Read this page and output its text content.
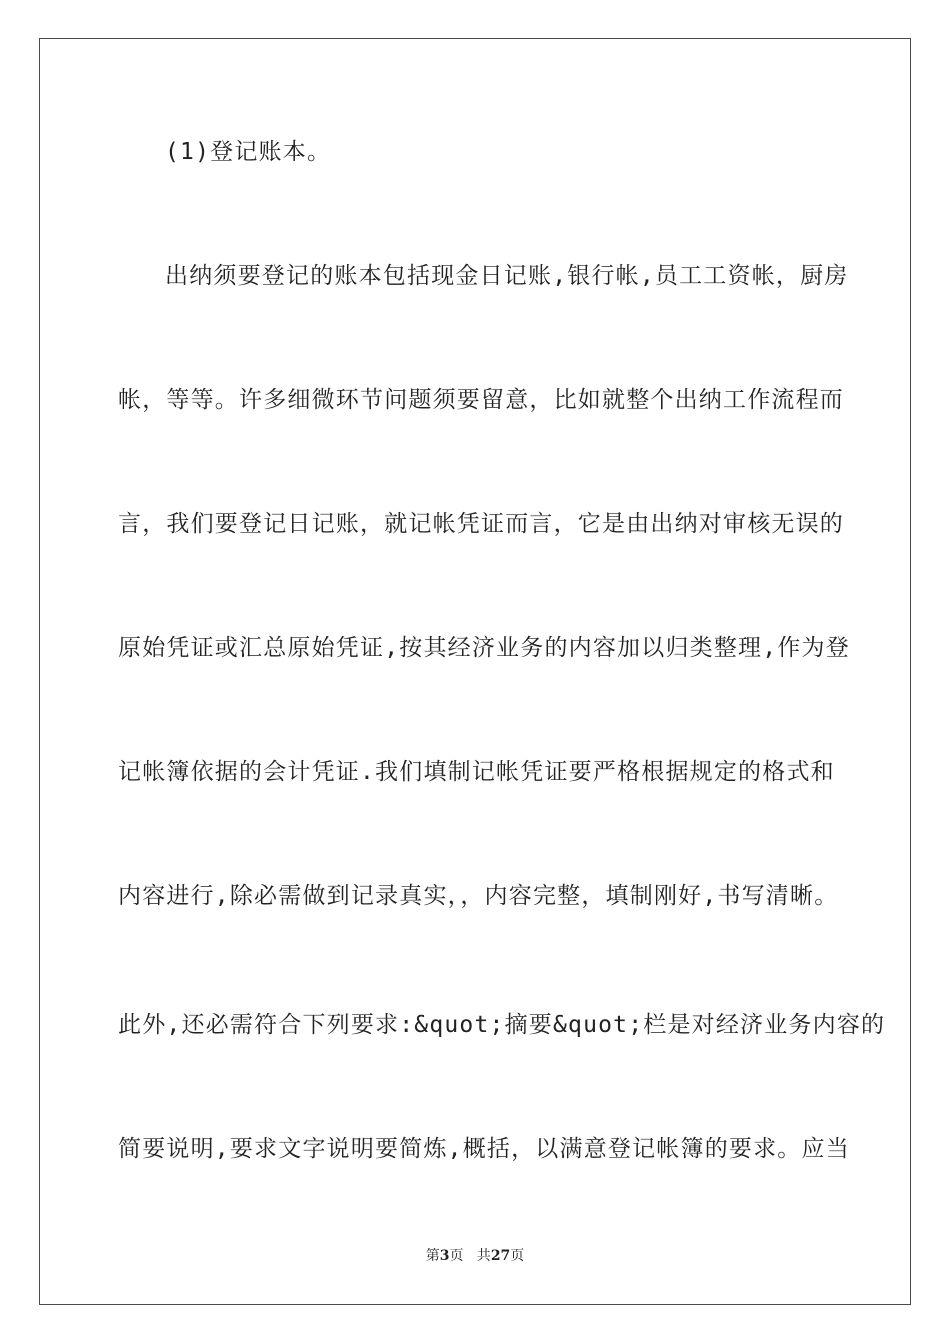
(1)登记账本。
出纳须要登记的账本包括现金日记账,银行帐,员工工资帐，厨房
帐，等等。许多细微环节问题须要留意，比如就整个出纳工作流程而
言，我们要登记日记账，就记帐凭证而言，它是由出纳对审核无误的
原始凭证或汇总原始凭证,按其经济业务的内容加以归类整理,作为登
记帐簿依据的会计凭证.我们填制记帐凭证要严格根据规定的格式和
内容进行,除必需做到记录真实，，内容完整，填制刚好,书写清晰。
此外,还必需符合下列要求:&quot;摘要&quot;栏是对经济业务内容的
简要说明,要求文字说明要简炼,概括，以满意登记帐簿的要求。应当
第3页   共27页
